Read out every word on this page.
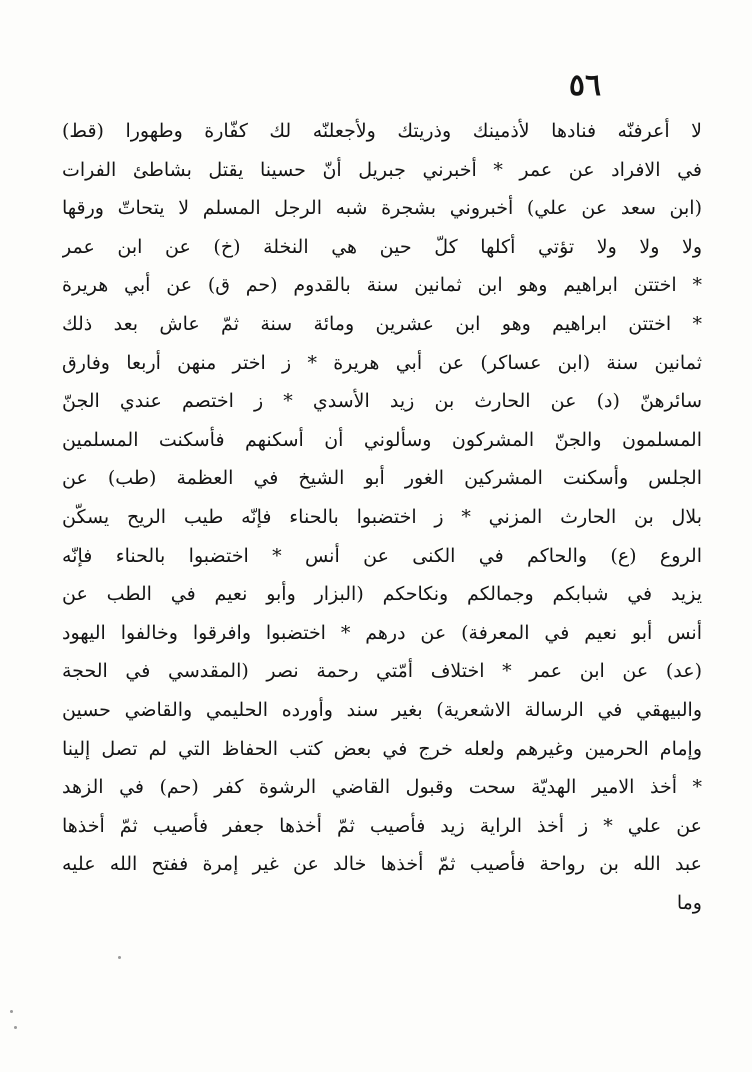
٥٦
لا أعرفنّه فنادها لأذمينك وذريتك ولأجعلنّه لك كفّارة وطهورا (قط)
في الافراد عن عمر * أخبرني جبريل أنّ حسينا يقتل بشاطئ الفرات
(ابن سعد عن علي) أخبروني بشجرة شبه الرجل المسلم لا يتحاتّ ورقها
ولا ولا ولا تؤتي أكلها كلّ حين هي النخلة (خ) عن ابن عمر
* اختتن ابراهيم وهو ابن ثمانين سنة بالقدوم (حم ق) عن أبي هريرة
* اختتن ابراهيم وهو ابن عشرين ومائة سنة ثمّ عاش بعد ذلك
ثمانين سنة (ابن عساكر) عن أبي هريرة * ز اختر منهن أربعا وفارق
سائرهنّ (د) عن الحارث بن زيد الأسدي * ز اختصم عندي الجنّ
المسلمون والجنّ المشركون وسألوني أن أسكنهم فأسكنت المسلمين
الجلس وأسكنت المشركين الغور أبو الشيخ في العظمة (طب) عن
بلال بن الحارث المزني * ز اختضبوا بالحناء فإنّه طيب الريح يسكّن
الروع (ع) والحاكم في الكنى عن أنس * اختضبوا بالحناء فإنّه
يزيد في شبابكم وجمالكم ونكاحكم (البزار وأبو نعيم في الطب عن
أنس أبو نعيم في المعرفة) عن درهم * اختضبوا وافرقوا وخالفوا اليهود
(عد) عن ابن عمر * اختلاف أمّتي رحمة نصر (المقدسي في الحجة
والبيهقي في الرسالة الاشعرية) بغير سند وأورده الحليمي والقاضي حسين
وإمام الحرمين وغيرهم ولعله خرج في بعض كتب الحفاظ التي لم تصل إلينا
* أخذ الامير الهديّة سحت وقبول القاضي الرشوة كفر (حم) في الزهد
عن علي * ز أخذ الراية زيد فأصيب ثمّ أخذها جعفر فأصيب ثمّ أخذها
عبد الله بن رواحة فأصيب ثمّ أخذها خالد عن غير إمرة ففتح الله عليه
وما
